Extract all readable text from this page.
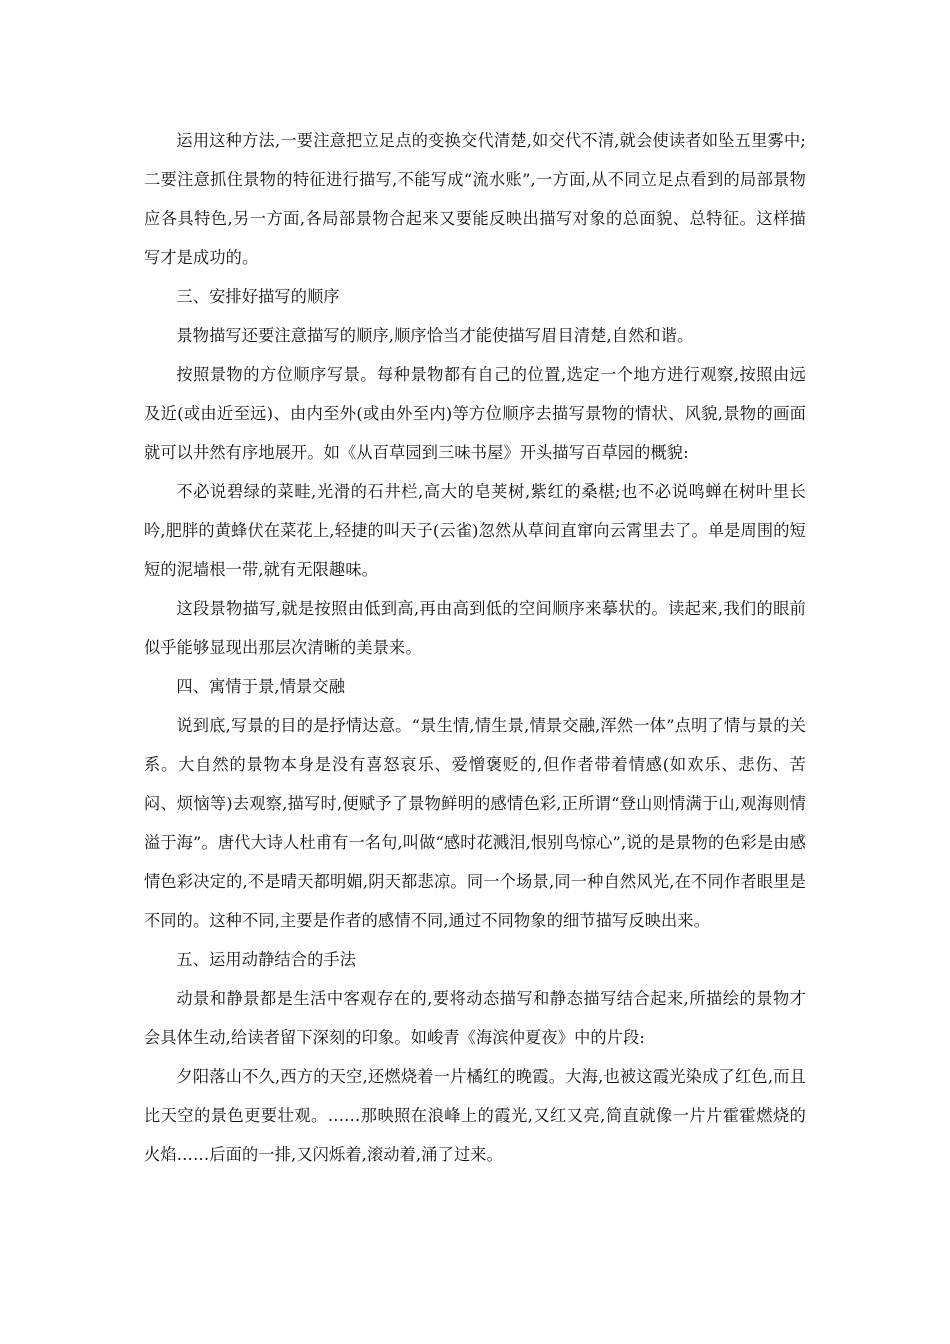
运用这种方法,一要注意把立足点的变换交代清楚,如交代不清,就会使读者如坠五里雾中;二要注意抓住景物的特征进行描写,不能写成“流水账”,一方面,从不同立足点看到的局部景物应各具特色,另一方面,各局部景物合起来又要能反映出描写对象的总面貌、总特征。这样描写才是成功的。

三、安排好描写的顺序

景物描写还要注意描写的顺序,顺序恰当才能使描写眉目清楚,自然和谐。

按照景物的方位顺序写景。每种景物都有自己的位置,选定一个地方进行观察,按照由远及近(或由近至远)、由内至外(或由外至内)等方位顺序去描写景物的情状、风貌,景物的画面就可以井然有序地展开。如《从百草园到三味书屋》开头描写百草园的概貌:

不必说碧绿的菜畦,光滑的石井栏,高大的皂荚树,紫红的桑椹;也不必说鸣蝉在树叶里长吟,肥胖的黄蜂伏在菜花上,轻捷的叫天子(云雀)忽然从草间直窜向云霄里去了。单是周围的短短的泥墙根一带,就有无限趣味。

这段景物描写,就是按照由低到高,再由高到低的空间顺序来摹状的。读起来,我们的眼前似乎能够显现出那层次清晰的美景来。

四、寓情于景,情景交融

说到底,写景的目的是抒情达意。“景生情,情生景,情景交融,浑然一体”点明了情与景的关系。大自然的景物本身是没有喜怒哀乐、爱憎褒贬的,但作者带着情感(如欢乐、悲伤、苦闷、烦恼等)去观察,描写时,便赋予了景物鲜明的感情色彩,正所谓“登山则情满于山,观海则情溢于海”。唐代大诗人杜甫有一名句,叫做“感时花溅泪,恨别鸟惊心”,说的是景物的色彩是由感情色彩决定的,不是晴天都明媚,阴天都悲凉。同一个场景,同一种自然风光,在不同作者眼里是不同的。这种不同,主要是作者的感情不同,通过不同物象的细节描写反映出来。

五、运用动静结合的手法

动景和静景都是生活中客观存在的,要将动态描写和静态描写结合起来,所描绘的景物才会具体生动,给读者留下深刻的印象。如峻青《海滨仲夏夜》中的片段:

夕阳落山不久,西方的天空,还燃烧着一片橘红的晚霞。大海,也被这霞光染成了红色,而且比天空的景色更要壮观。……那映照在浪峰上的霞光,又红又亮,简直就像一片片霍霍燃烧的火焰……后面的一排,又闪烁着,滚动着,涌了过来。
